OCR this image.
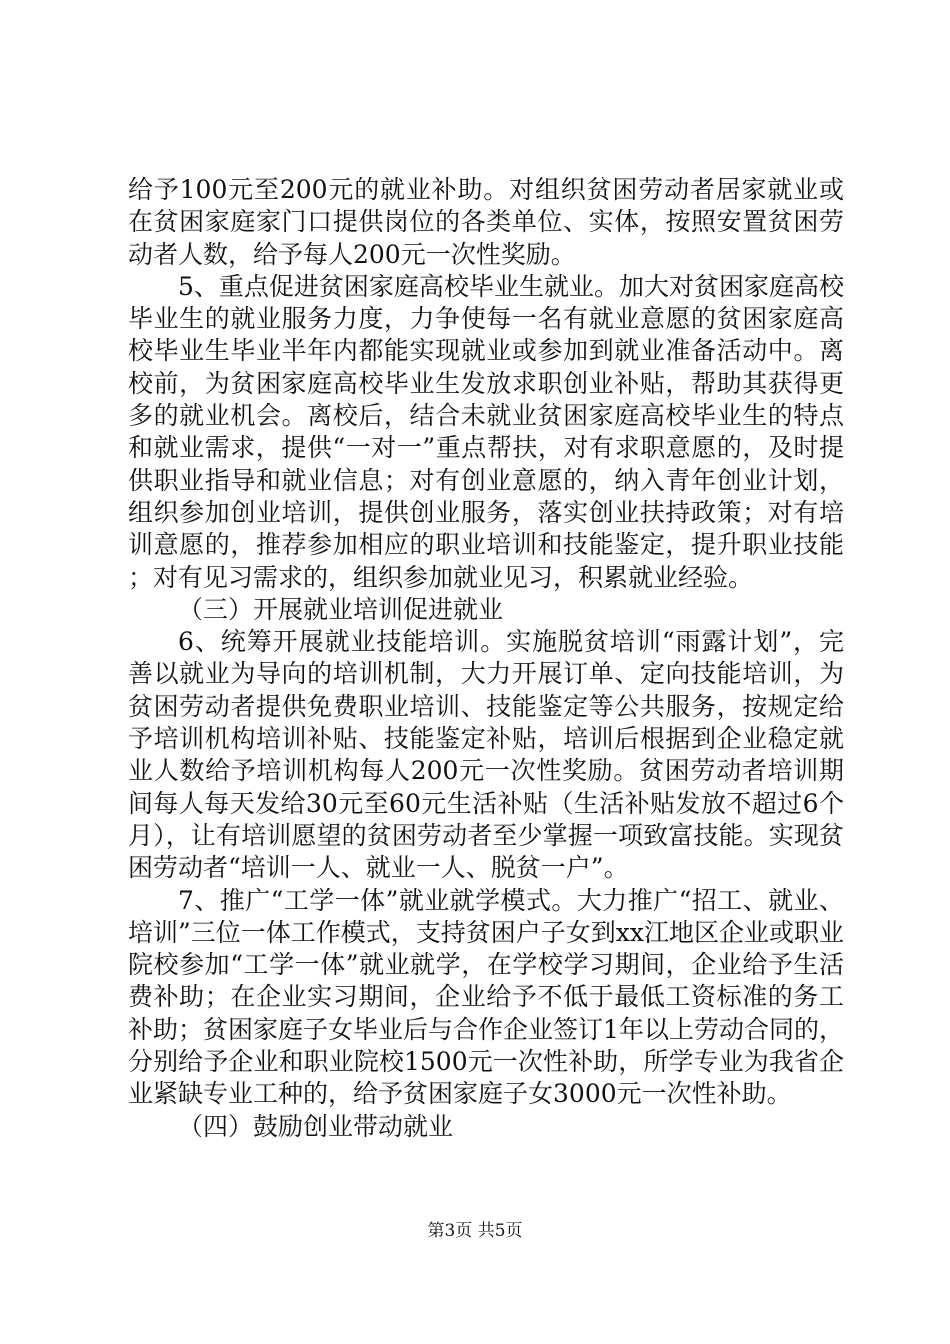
给予100元至200元的就业补助。对组织贫困劳动者居家就业或在贫困家庭家门口提供岗位的各类单位、实体，按照安置贫困劳动者人数，给予每人200元一次性奖励。

5、重点促进贫困家庭高校毕业生就业。加大对贫困家庭高校毕业生的就业服务力度，力争使每一名有就业意愿的贫困家庭高校毕业生毕业半年内都能实现就业或参加到就业准备活动中。离校前，为贫困家庭高校毕业生发放求职创业补贴，帮助其获得更多的就业机会。离校后，结合未就业贫困家庭高校毕业生的特点和就业需求，提供“一对一”重点帮扶，对有求职意愿的，及时提供职业指导和就业信息；对有创业意愿的，纳入青年创业计划，组织参加创业培训，提供创业服务，落实创业扶持政策；对有培训意愿的，推荐参加相应的职业培训和技能鉴定，提升职业技能；对有见习需求的，组织参加就业见习，积累就业经验。

（三）开展就业培训促进就业

6、统筹开展就业技能培训。实施脱贫培训“雨露计划”，完善以就业为导向的培训机制，大力开展订单、定向技能培训，为贫困劳动者提供免费职业培训、技能鉴定等公共服务，按规定给予培训机构培训补贴、技能鉴定补贴，培训后根据到企业稳定就业人数给予培训机构每人200元一次性奖励。贫困劳动者培训期间每人每天发给30元至60元生活补贴（生活补贴发放不超过6个月），让有培训愿望的贫困劳动者至少掌握一项致富技能。实现贫困劳动者“培训一人、就业一人、脱贫一户”。

7、推广“工学一体”就业就学模式。大力推广“招工、就业、培训”三位一体工作模式，支持贫困户子女到xx江地区企业或职业院校参加“工学一体”就业就学，在学校学习期间，企业给予生活费补助；在企业实习期间，企业给予不低于最低工资标准的务工补助；贫困家庭子女毕业后与合作企业签订1年以上劳动合同的，分别给予企业和职业院校1500元一次性补助，所学专业为我省企业紧缺专业工种的，给予贫困家庭子女3000元一次性补助。

（四）鼓励创业带动就业

第3页 共5页
